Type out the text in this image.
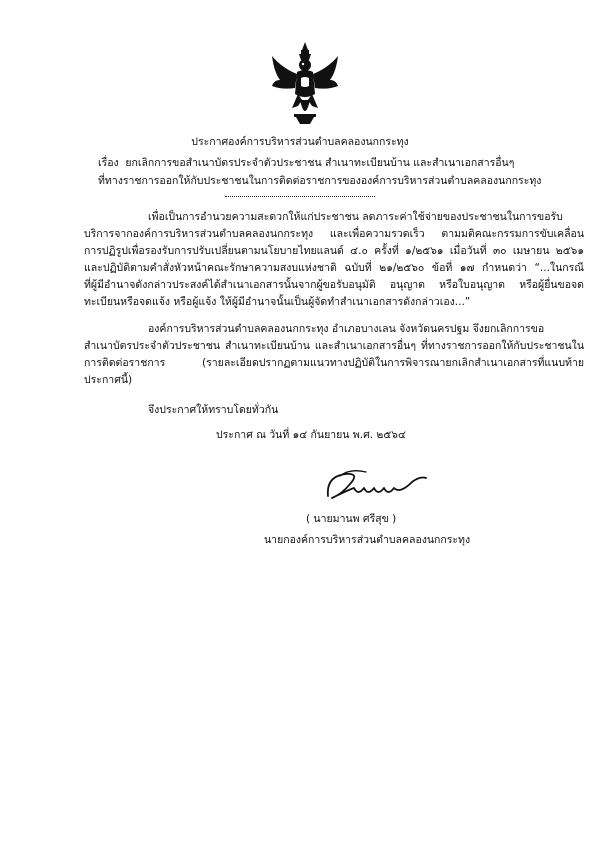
ประกาศองค์การบริหารส่วนตำบลคลองนกกระทุง
เรื่อง ยกเลิกการขอสำเนาบัตรประจำตัวประชาชน สำเนาทะเบียนบ้าน และสำเนาเอกสารอื่นๆ
ที่ทางราชการออกให้กับประชาชนในการติดต่อราชการขององค์การบริหารส่วนตำบลคลองนกกระทุง
เพื่อเป็นการอำนวยความสะดวกให้แก่ประชาชน ลดภาระค่าใช้จ่ายของประชาชนในการขอรับ
บริการจากองค์การบริหารส่วนตำบลคลองนกกระทุง และเพื่อความรวดเร็ว ตามมติคณะกรรมการขับเคลื่อน
การปฏิรูปเพื่อรองรับการปรับเปลี่ยนตามนโยบายไทยแลนด์ ๔.๐ ครั้งที่ ๑/๒๕๖๑ เมื่อวันที่ ๓๐ เมษายน ๒๕๖๑
และปฏิบัติตามคำสั่งหัวหน้าคณะรักษาความสงบแห่งชาติ ฉบับที่ ๒๑/๒๕๖๐ ข้อที่ ๑๗ กำหนดว่า “...ในกรณี
ที่ผู้มีอำนาจดังกล่าวประสงค์ได้สำเนาเอกสารนั้นจากผู้ขอรับอนุมัติ อนุญาต หรือใบอนุญาต หรือผู้ยื่นขอจด
ทะเบียนหรือจดแจ้ง หรือผู้แจ้ง ให้ผู้มีอำนาจนั้นเป็นผู้จัดทำสำเนาเอกสารดังกล่าวเอง...”
องค์การบริหารส่วนตำบลคลองนกกระทุง อำเภอบางเลน จังหวัดนครปฐม จึงยกเลิกการขอ
สำเนาบัตรประจำตัวประชาชน สำเนาทะเบียนบ้าน และสำเนาเอกสารอื่นๆ ที่ทางราชการออกให้กับประชาชนใน
การติดต่อราชการ (รายละเอียดปรากฏตามแนวทางปฏิบัติในการพิจารณายกเลิกสำเนาเอกสารที่แนบท้าย
ประกาศนี้)
จึงประกาศให้ทราบโดยทั่วกัน
ประกาศ ณ วันที่ ๑๔ กันยายน พ.ศ. ๒๕๖๔
( นายมานพ ศรีสุข )
นายกองค์การบริหารส่วนตำบลคลองนกกระทุง
